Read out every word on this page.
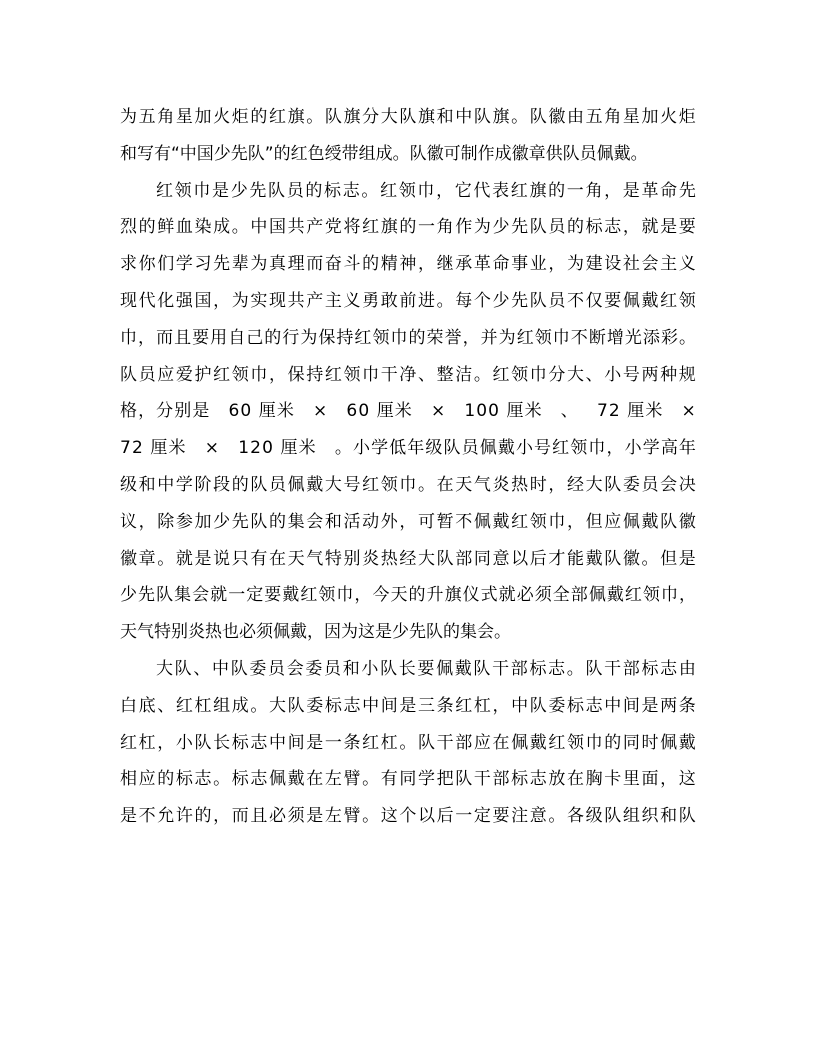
为 五 角 星 加 火 炬 的 红 旗 。 队 旗 分 大 队 旗 和 中 队 旗 。 队 徽 由 五 角 星 加 火 炬
和写有“中国少先队”的红色绶带组成。队徽可制作成徽章供队员佩戴。
红 领 巾 是 少 先 队 员 的 标 志 。 红 领 巾 ， 它 代 表 红 旗 的 一 角 ， 是 革 命 先
烈 的 鲜 血 染 成 。 中 国 共 产 党 将 红 旗 的 一 角 作 为 少 先 队 员 的 标 志 ， 就 是 要
求 你 们 学 习 先 辈 为 真 理 而 奋 斗 的 精 神 ， 继 承 革 命 事 业 ， 为 建 设 社 会 主 义
现 代 化 强 国 ， 为 实 现 共 产 主 义 勇 敢 前 进 。 每 个 少 先 队 员 不 仅 要 佩 戴 红 领
巾 ， 而 且 要 用 自 己 的 行 为 保 持 红 领 巾 的 荣 誉 ， 并 为 红 领 巾 不 断 增 光 添 彩 。
队 员 应 爱 护 红 领 巾 ， 保 持 红 领 巾 干 净 、 整 洁 。 红 领 巾 分 大 、 小 号 两 种 规
格 ， 分 别 是
　 6 0
厘 米
　 ×
　 6 0
厘 米
　 ×
　 1 0 0
厘 米
　 、
　 7 2
厘 米
　 ×
7 2
厘 米
　 ×
　 1 2 0
厘 米
　 。 小 学 低 年 级 队 员 佩 戴 小 号 红 领 巾 ， 小 学 高 年
级 和 中 学 阶 段 的 队 员 佩 戴 大 号 红 领 巾 。 在 天 气 炎 热 时 ， 经 大 队 委 员 会 决
议 ， 除 参 加 少 先 队 的 集 会 和 活 动 外 ， 可 暂 不 佩 戴 红 领 巾 ， 但 应 佩 戴 队 徽
徽 章 。 就 是 说 只 有 在 天 气 特 别 炎 热 经 大 队 部 同 意 以 后 才 能 戴 队 徽 。 但 是
少 先 队 集 会 就 一 定 要 戴 红 领 巾 ， 今 天 的 升 旗 仪 式 就 必 须 全 部 佩 戴 红 领 巾 ，
天气特别炎热也必须佩戴，因为这是少先队的集会。
大 队 、 中 队 委 员 会 委 员 和 小 队 长 要 佩 戴 队 干 部 标 志 。 队 干 部 标 志 由
白 底 、 红 杠 组 成 。 大 队 委 标 志 中 间 是 三 条 红 杠 ， 中 队 委 标 志 中 间 是 两 条
红 杠 ， 小 队 长 标 志 中 间 是 一 条 红 杠 。 队 干 部 应 在 佩 戴 红 领 巾 的 同 时 佩 戴
相 应 的 标 志 。 标 志 佩 戴 在 左 臂 。 有 同 学 把 队 干 部 标 志 放 在 胸 卡 里 面 ， 这
是 不 允 许 的 ， 而 且 必 须 是 左 臂 。 这 个 以 后 一 定 要 注 意 。 各 级 队 组 织 和 队
